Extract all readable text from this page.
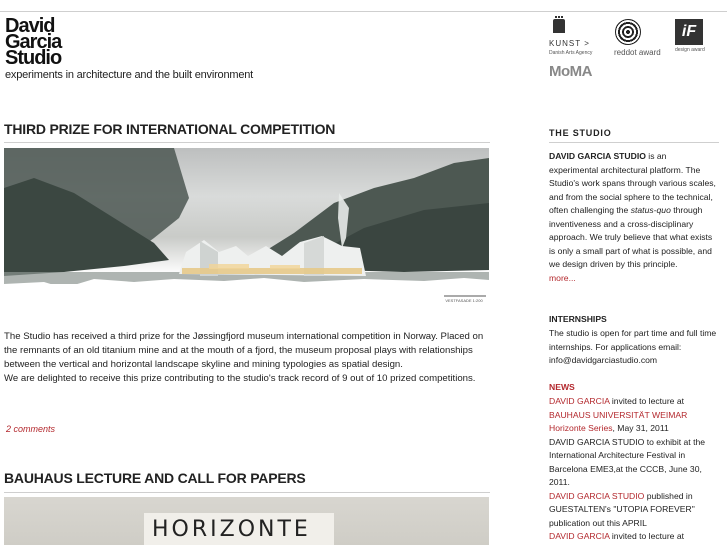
David
Garcia
Studio
experiments in architecture and the built environment
KUNST >
Danish Arts Agency
MoMA
reddot award
iF
design award
THIRD PRIZE FOR INTERNATIONAL COMPETITION
VESTFASADE 1:200

The Studio has received a third prize for the Jøssingfjord museum international competition in Norway. Placed on the remnants of an old titanium mine and at the mouth of a fjord, the museum proposal plays with relationships between the vertical and horizontal landscape skyline and mining typologies as spatial design.

We are delighted to receive this prize contributing to the studio's track record of 9 out of 10 prized competitions.

2 comments
BAUHAUS LECTURE AND CALL FOR PAPERS
HORIZONTE
THE STUDIO
DAVID GARCIA STUDIO is an experimental architectural platform. The Studio's work spans through various scales, and from the social sphere to the technical, often challenging the status-quo through inventiveness and a cross-disciplinary approach. We truly believe that what exists is only a small part of what is possible, and we design driven by this principle.
more...
INTERNSHIPS
The studio is open for part time and full time internships. For applications email: info@davidgarciastudio.com
NEWS
DAVID GARCIA invited to lecture at BAUHAUS UNIVERSITÄT WEIMAR Horizonte Series, May 31, 2011
DAVID GARCIA STUDIO to exhibit at the International Architecture Festival in Barcelona EME3,at the CCCB, June 30, 2011.
DAVID GARCIA STUDIO published in GUESTALTEN's "UTOPIA FOREVER" publication out this APRIL
DAVID GARCIA invited to lecture at
